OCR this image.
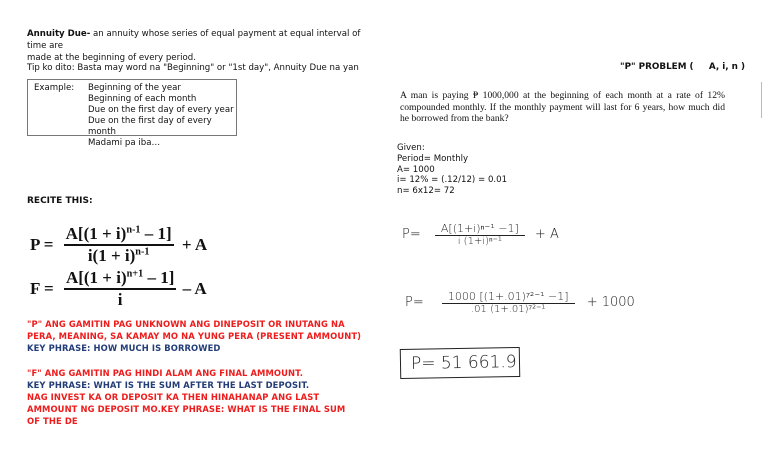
Annuity Due- an annuity whose series of equal payment at equal interval of time are
made at the beginning of every period.
Tip ko dito: Basta may word na "Beginning" or "1st day", Annuity Due na yan
Example: Beginning of the year
Beginning of each month
Due on the first day of every year
Due on the first day of every month
Madami pa iba…
RECITE THIS:
$P = \frac{A[(1 + i)^{n-1} - 1]}{i(1 + i)^{n-1}} + A$
$F = \frac{A[(1 + i)^{n+1} - 1]}{i} - A$
"P" ANG GAMITIN PAG UNKNOWN ANG DINEPOSIT OR INUTANG NA
PERA, MEANING, SA KAMAY MO NA YUNG PERA (PRESENT AMMOUNT)
KEY PHRASE: HOW MUCH IS BORROWED
"F" ANG GAMITIN PAG HINDI ALAM ANG FINAL AMMOUNT.
KEY PHRASE: WHAT IS THE SUM AFTER THE LAST DEPOSIT.
NAG INVEST KA OR DEPOSIT KA THEN HINAHANAP ANG LAST
AMMOUNT NG DEPOSIT MO.KEY PHRASE: WHAT IS THE FINAL SUM
OF THE DE
"P" PROBLEM (     A, i, n )
A man is paying ₱ 1000,000 at the beginning of each month at a rate of 12% compounded monthly. If the monthly payment will last for 6 years, how much did he borrowed from the bank?
Given:
Period= Monthly
A= 1000
i= 12% = (.12/12) = 0.01
n= 6x12= 72
$P= \frac{\text{A[(1+i)ⁿ⁻¹ −1]}}{\text{i (1+i)ⁿ⁻¹}} + A$
$P= \frac{\text{1000 [(1+.01)⁷²⁻¹ −1]}}{\text{.01 (1+.01)⁷²⁻¹}} + 1000$
P= 51 661.9
